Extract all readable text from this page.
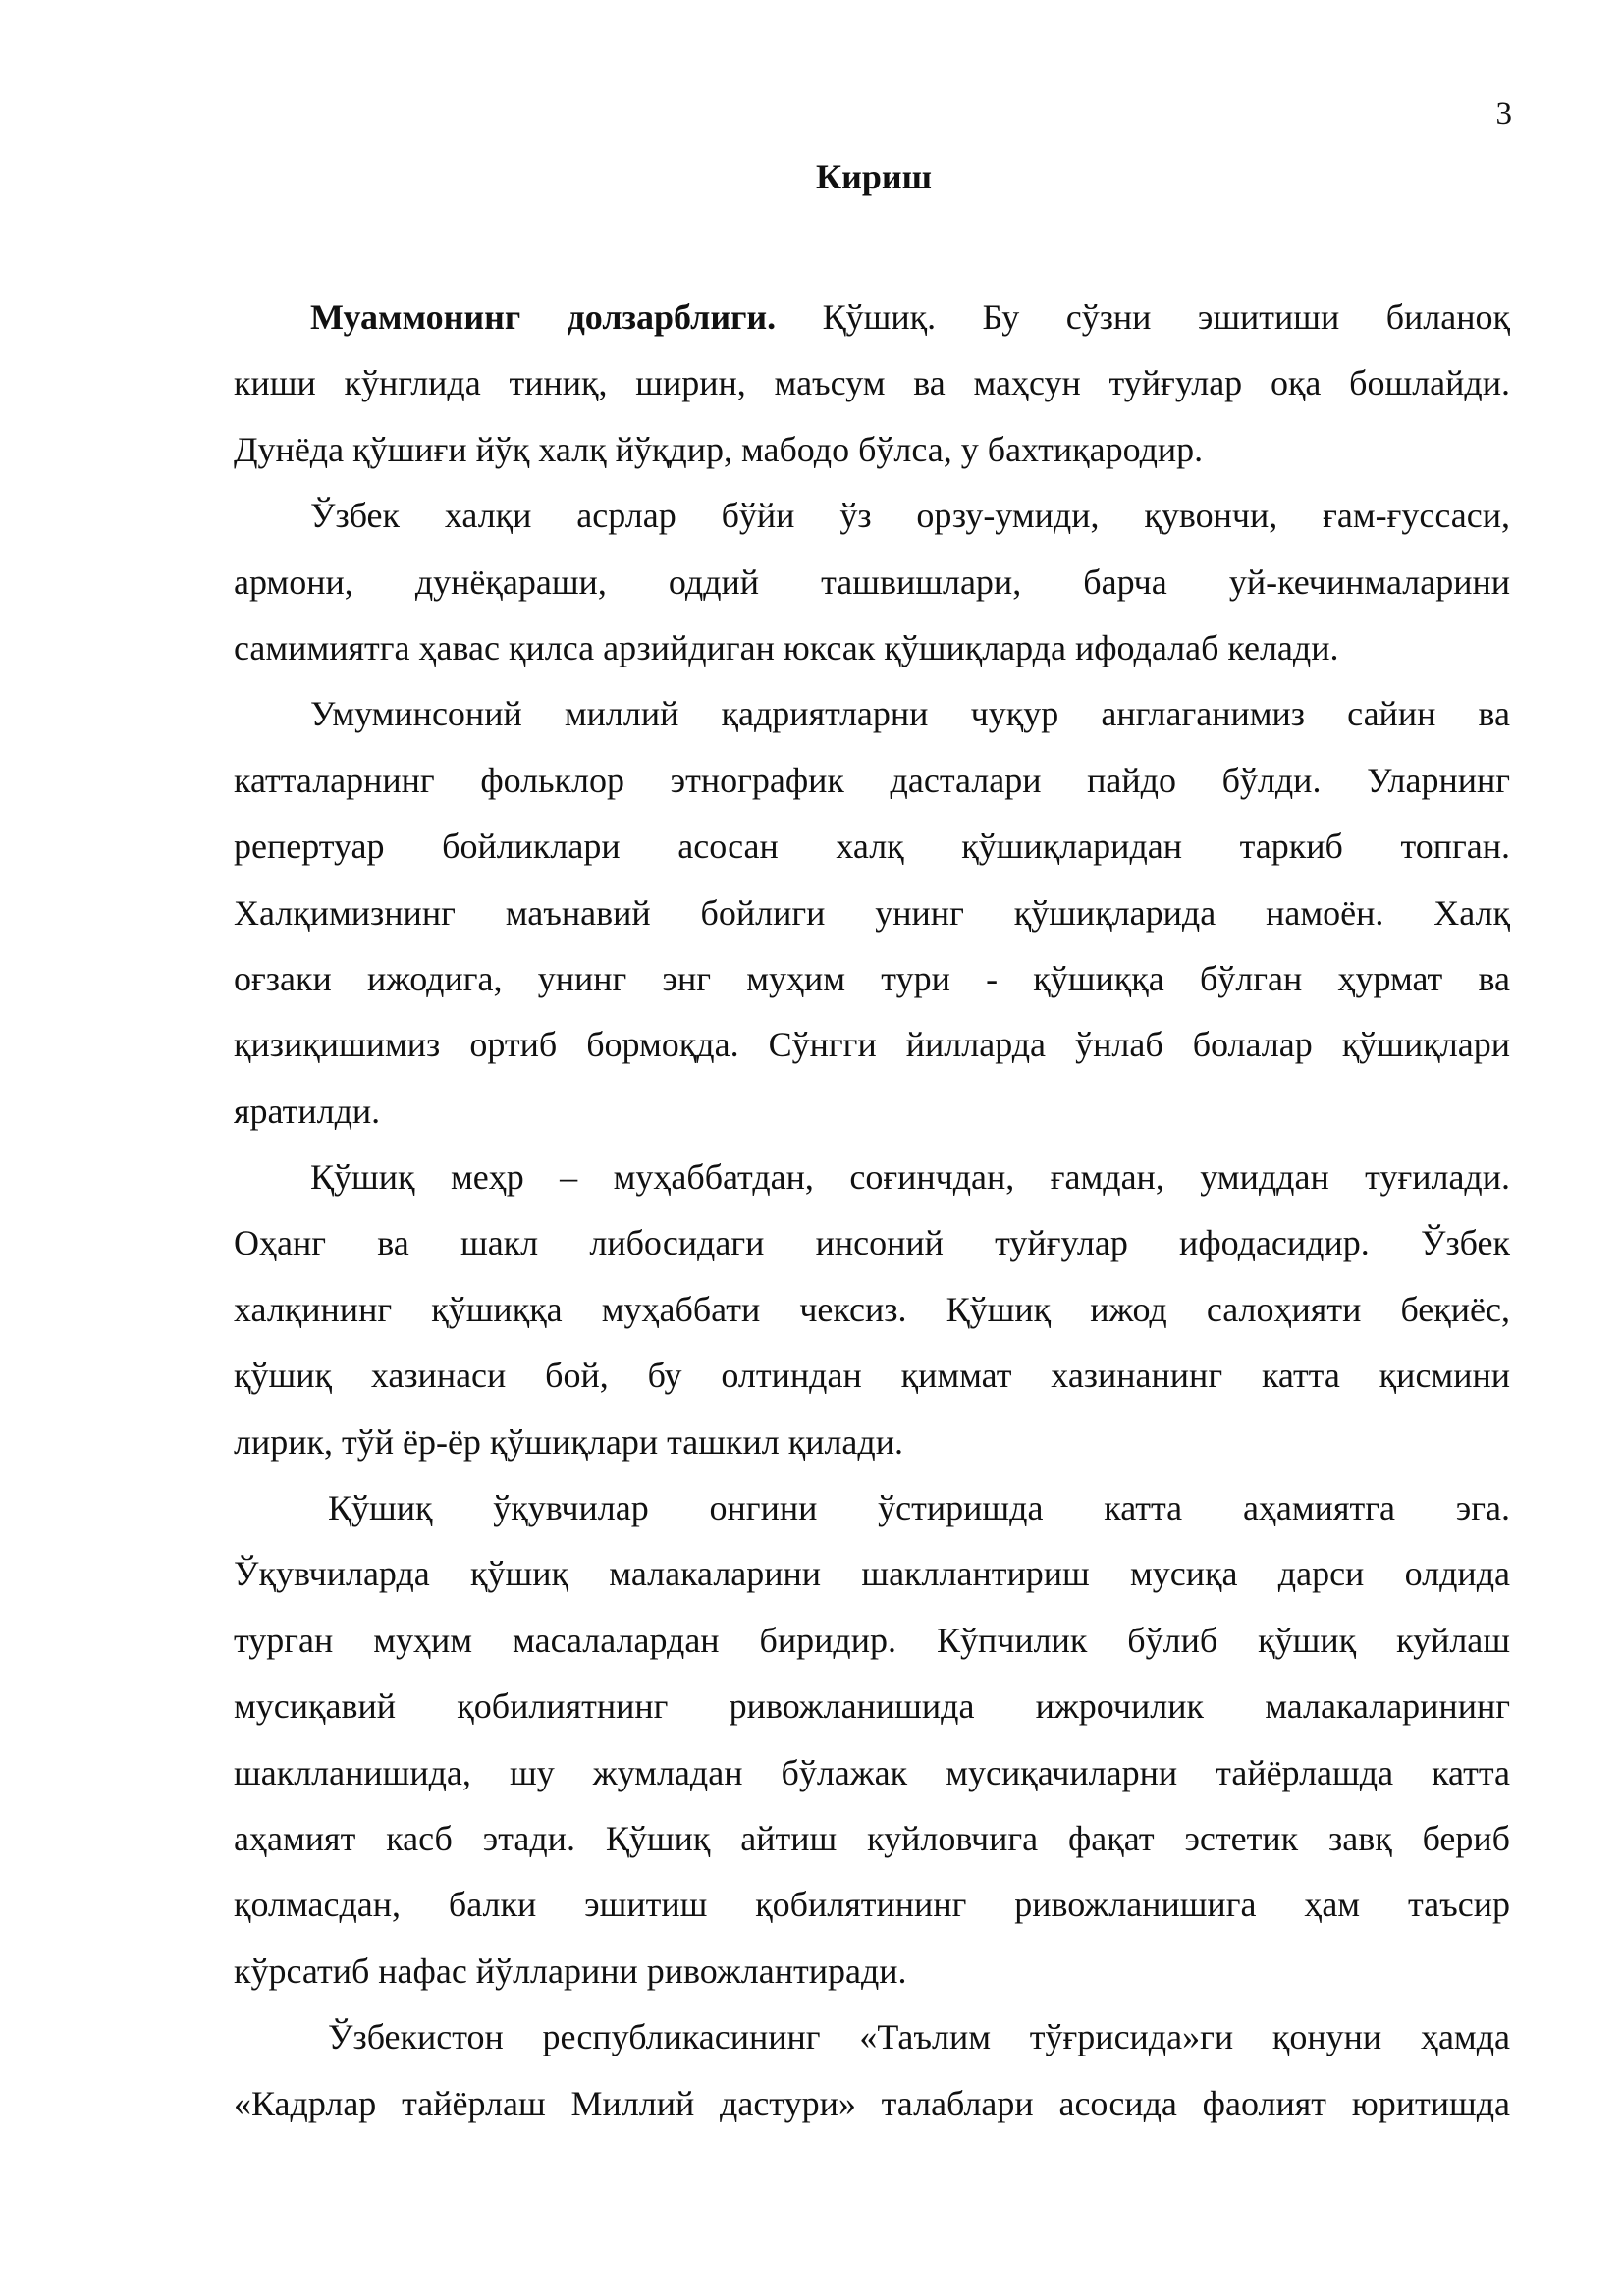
3
Кириш
Муаммонинг долзарблиги. Қўшиқ. Бу сўзни эшитиши биланоқ
киши кўнглида тиниқ, ширин, маъсум ва маҳсун туйғулар оқа бошлайди.
Дунёда қўшиғи йўқ халқ йўқдир, мабодо бўлса, у бахтиқародир.
Ўзбек халқи асрлар бўйи ўз орзу-умиди, қувончи, ғам-ғуссаси,
армони, дунёқараши, оддий ташвишлари, барча уй-кечинмаларини
самимиятга ҳавас қилса арзийдиган юксак қўшиқларда ифодалаб келади.
Умуминсоний миллий қадриятларни чуқур англаганимиз сайин ва
катталарнинг фольклор этнографик дасталари пайдо бўлди. Уларнинг
репертуар бойликлари асосан халқ қўшиқларидан таркиб топган.
Халқимизнинг маънавий бойлиги унинг қўшиқларида намоён. Халқ
оғзаки ижодига, унинг энг муҳим тури - қўшиққа бўлган ҳурмат ва
қизиқишимиз ортиб бормоқда. Сўнгги йилларда ўнлаб болалар қўшиқлари
яратилди.
Қўшиқ меҳр – муҳаббатдан, соғинчдан, ғамдан, умиддан туғилади.
Оҳанг ва шакл либосидаги инсоний туйғулар ифодасидир. Ўзбек
халқининг қўшиққа муҳаббати чексиз. Қўшиқ ижод салоҳияти беқиёс,
қўшиқ хазинаси бой, бу олтиндан қиммат хазинанинг катта қисмини
лирик, тўй ёр-ёр қўшиқлари ташкил қилади.
Қўшиқ ўқувчилар онгини ўстиришда катта аҳамиятга эга.
Ўқувчиларда қўшиқ малакаларини шакллантириш мусиқа дарси олдида
турган муҳим масалалардан биридир. Кўпчилик бўлиб қўшиқ куйлаш
мусиқавий қобилиятнинг ривожланишида ижрочилик малакаларининг
шаклланишида, шу жумладан бўлажак мусиқачиларни тайёрлашда катта
аҳамият касб этади. Қўшиқ айтиш куйловчига фақат эстетик завқ бериб
қолмасдан, балки эшитиш қобилятининг ривожланишига ҳам таъсир
кўрсатиб нафас йўлларини ривожлантиради.
Ўзбекистон республикасининг «Таълим тўғрисида»ги қонуни ҳамда
«Кадрлар тайёрлаш Миллий дастури» талаблари асосида фаолият юритишда
